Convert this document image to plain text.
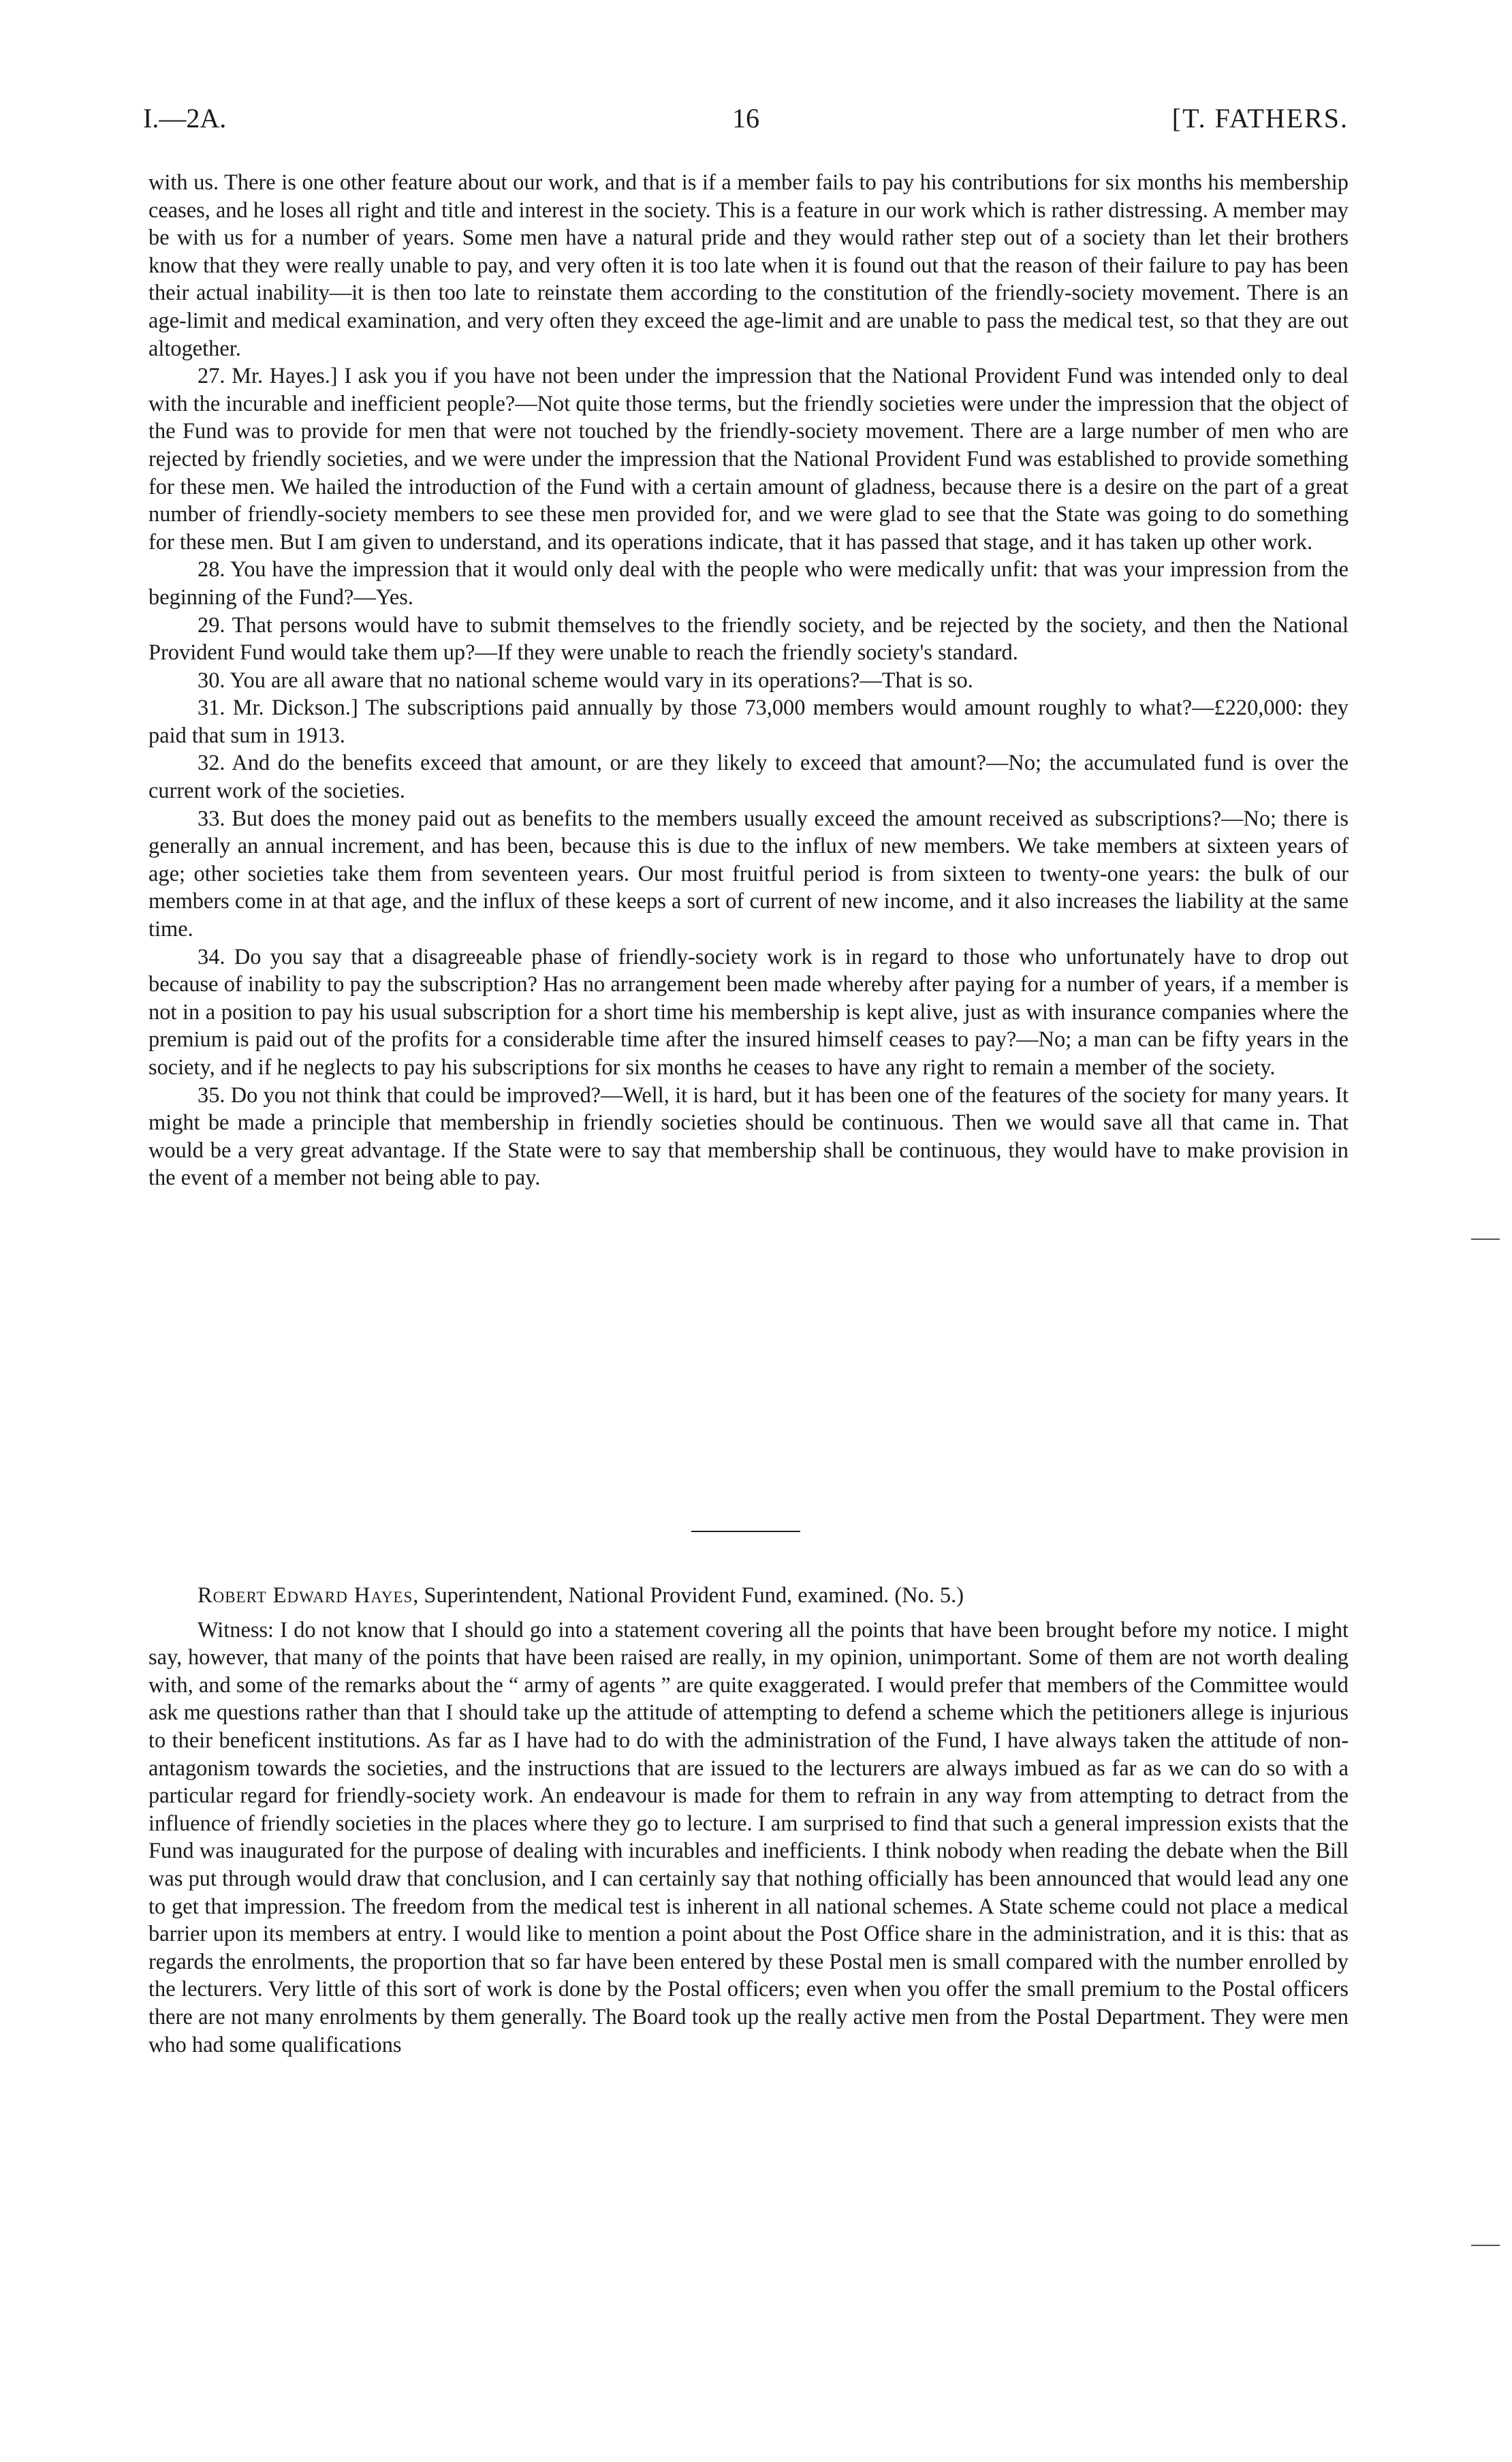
I.—2A.	16	[T. FATHERS.

with us. There is one other feature about our work, and that is if a member fails to pay his contributions for six months his membership ceases, and he loses all right and title and interest in the society. This is a feature in our work which is rather distressing. A member may be with us for a number of years. Some men have a natural pride and they would rather step out of a society than let their brothers know that they were really unable to pay, and very often it is too late when it is found out that the reason of their failure to pay has been their actual inability—it is then too late to reinstate them according to the constitution of the friendly-society movement. There is an age-limit and medical examination, and very often they exceed the age-limit and are unable to pass the medical test, so that they are out altogether.

27. Mr. Hayes.] I ask you if you have not been under the impression that the National Provident Fund was intended only to deal with the incurable and inefficient people?—Not quite those terms, but the friendly societies were under the impression that the object of the Fund was to provide for men that were not touched by the friendly-society movement. There are a large number of men who are rejected by friendly societies, and we were under the impression that the National Provident Fund was established to provide something for these men. We hailed the introduction of the Fund with a certain amount of gladness, because there is a desire on the part of a great number of friendly-society members to see these men provided for, and we were glad to see that the State was going to do something for these men. But I am given to understand, and its operations indicate, that it has passed that stage, and it has taken up other work.

28. You have the impression that it would only deal with the people who were medically unfit: that was your impression from the beginning of the Fund?—Yes.

29. That persons would have to submit themselves to the friendly society, and be rejected by the society, and then the National Provident Fund would take them up?—If they were unable to reach the friendly society's standard.

30. You are all aware that no national scheme would vary in its operations?—That is so.

31. Mr. Dickson.] The subscriptions paid annually by those 73,000 members would amount roughly to what?—£220,000: they paid that sum in 1913.

32. And do the benefits exceed that amount, or are they likely to exceed that amount?—No; the accumulated fund is over the current work of the societies.

33. But does the money paid out as benefits to the members usually exceed the amount received as subscriptions?—No; there is generally an annual increment, and has been, because this is due to the influx of new members. We take members at sixteen years of age; other societies take them from seventeen years. Our most fruitful period is from sixteen to twenty-one years: the bulk of our members come in at that age, and the influx of these keeps a sort of current of new income, and it also increases the liability at the same time.

34. Do you say that a disagreeable phase of friendly-society work is in regard to those who unfortunately have to drop out because of inability to pay the subscription? Has no arrangement been made whereby after paying for a number of years, if a member is not in a position to pay his usual subscription for a short time his membership is kept alive, just as with insurance companies where the premium is paid out of the profits for a considerable time after the insured himself ceases to pay?—No; a man can be fifty years in the society, and if he neglects to pay his subscriptions for six months he ceases to have any right to remain a member of the society.

35. Do you not think that could be improved?—Well, it is hard, but it has been one of the features of the society for many years. It might be made a principle that membership in friendly societies should be continuous. Then we would save all that came in. That would be a very great advantage. If the State were to say that membership shall be continuous, they would have to make provision in the event of a member not being able to pay.

Robert Edward Hayes, Superintendent, National Provident Fund, examined. (No. 5.)

Witness: I do not know that I should go into a statement covering all the points that have been brought before my notice. I might say, however, that many of the points that have been raised are really, in my opinion, unimportant. Some of them are not worth dealing with, and some of the remarks about the “ army of agents ” are quite exaggerated. I would prefer that members of the Committee would ask me questions rather than that I should take up the attitude of attempting to defend a scheme which the petitioners allege is injurious to their beneficent institutions. As far as I have had to do with the administration of the Fund, I have always taken the attitude of non-antagonism towards the societies, and the instructions that are issued to the lecturers are always imbued as far as we can do so with a particular regard for friendly-society work. An endeavour is made for them to refrain in any way from attempting to detract from the influence of friendly societies in the places where they go to lecture. I am surprised to find that such a general impression exists that the Fund was inaugurated for the purpose of dealing with incurables and inefficients. I think nobody when reading the debate when the Bill was put through would draw that conclusion, and I can certainly say that nothing officially has been announced that would lead any one to get that impression. The freedom from the medical test is inherent in all national schemes. A State scheme could not place a medical barrier upon its members at entry. I would like to mention a point about the Post Office share in the administration, and it is this: that as regards the enrolments, the proportion that so far have been entered by these Postal men is small compared with the number enrolled by the lecturers. Very little of this sort of work is done by the Postal officers; even when you offer the small premium to the Postal officers there are not many enrolments by them generally. The Board took up the really active men from the Postal Department. They were men who had some qualifications
